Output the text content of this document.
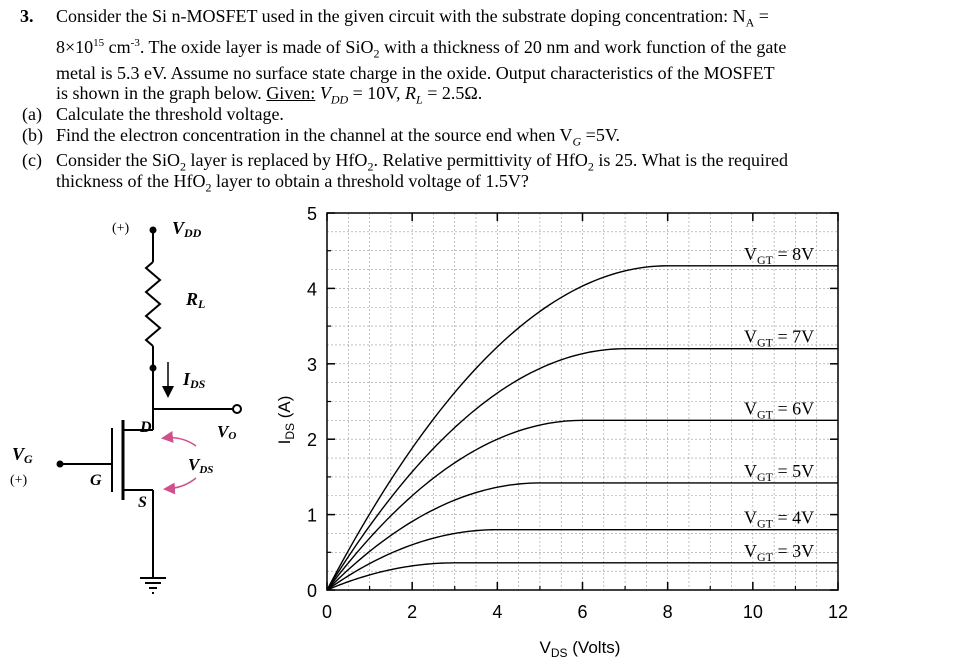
3. Consider the Si n-MOSFET used in the given circuit with the substrate doping concentration: $N_A$ =
$8\times 10^{15}$ $cm^{-3}$. The oxide layer is made of SiO$_2$ with a thickness of 20 nm and work function of the gate
metal is 5.3 eV. Assume no surface state charge in the oxide. Output characteristics of the MOSFET
is shown in the graph below. Given: $V_{DD} = 10V$, $R_L = 2.5\Omega$.
(a) Calculate the threshold voltage.
(b) Find the electron concentration in the channel at the source end when $V_G =5V$.
(c) Consider the SiO$_2$ layer is replaced by HfO$_2$. Relative permittivity of HfO$_2$ is 25. What is the required
thickness of the HfO$_2$ layer to obtain a threshold voltage of 1.5V?
(+) VDD
RL
IDS
VO
D
S
G
VG
(+)
VDS
$V_{GT} = 8V$
$V_{GT} = 7V$
$V_{GT} = 6V$
$V_{GT} = 5V$
$V_{GT} = 4V$
$V_{GT} = 3V$
0	2	4	6	8	10	12
0
1
2
3
4
5
$V_{DS}$ (Volts)
$I_{DS}$ (A)
